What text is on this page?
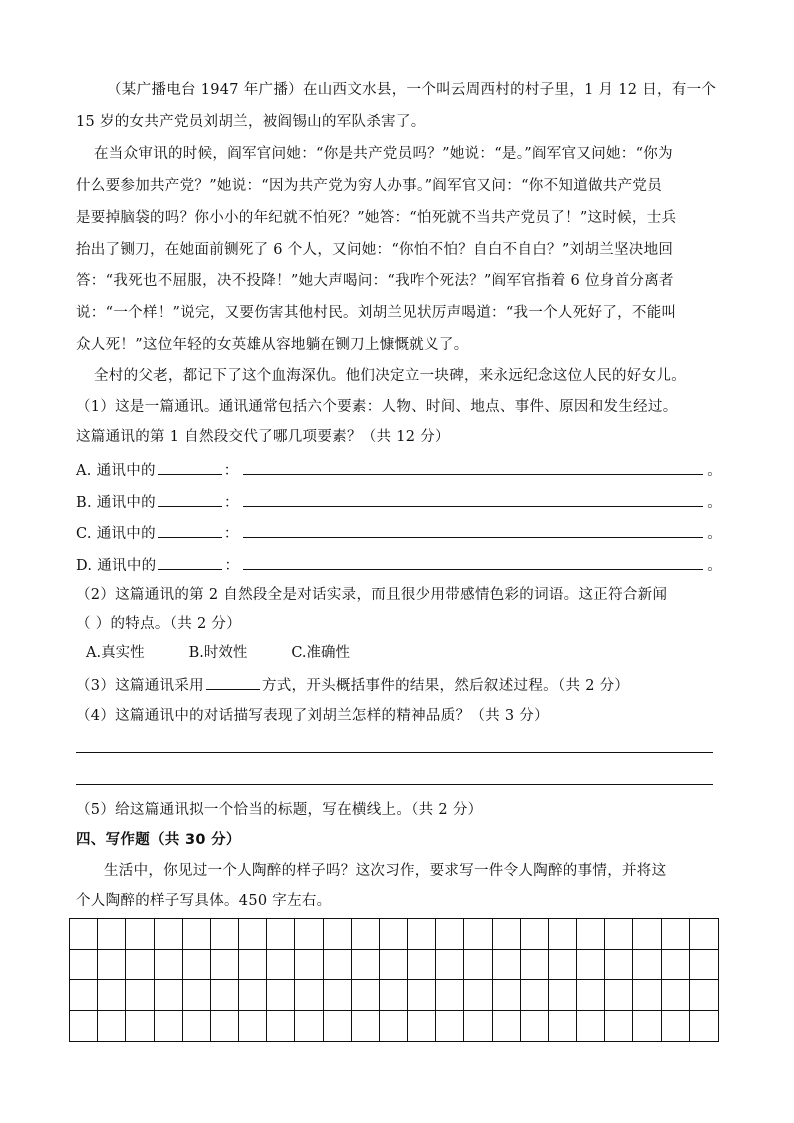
（某广播电台 1947 年广播）在山西文水县，一个叫云周西村的村子里，1 月 12 日，有一个
15 岁的女共产党员刘胡兰，被阎锡山的军队杀害了。
在当众审讯的时候，阎军官问她：“你是共产党员吗？”她说：“是。”阎军官又问她：“你为
什么要参加共产党？”她说：“因为共产党为穷人办事。”阎军官又问：“你不知道做共产党员
是要掉脑袋的吗？你小小的年纪就不怕死？”她答：“怕死就不当共产党员了！”这时候，士兵
抬出了铡刀，在她面前铡死了 6 个人，又问她：“你怕不怕？自白不自白？”刘胡兰坚决地回
答：“我死也不屈服，决不投降！”她大声喝问：“我咋个死法？”阎军官指着 6 位身首分离者
说：“一个样！”说完，又要伤害其他村民。刘胡兰见状厉声喝道：“我一个人死好了，不能叫
众人死！”这位年轻的女英雄从容地躺在铡刀上慷慨就义了。
全村的父老，都记下了这个血海深仇。他们决定立一块碑，来永远纪念这位人民的好女儿。
（1）这是一篇通讯。通讯通常包括六个要素：人物、时间、地点、事件、原因和发生经过。
这篇通讯的第 1 自然段交代了哪几项要素？（共 12 分）
A. 通讯中的	：	。
B. 通讯中的	：	。
C. 通讯中的	：	。
D. 通讯中的	：	。
（2）这篇通讯的第 2 自然段全是对话实录，而且很少用带感情色彩的词语。这正符合新闻
（ ）的特点。（共 2 分）
A.真实性	B.时效性	C.准确性
（3）这篇通讯采用	方式，开头概括事件的结果，然后叙述过程。（共 2 分）
（4）这篇通讯中的对话描写表现了刘胡兰怎样的精神品质？（共 3 分）
（5）给这篇通讯拟一个恰当的标题，写在横线上。（共 2 分）
四、写作题（共 30 分）
生活中，你见过一个人陶醉的样子吗？这次习作，要求写一件令人陶醉的事情，并将这
个人陶醉的样子写具体。450 字左右。
